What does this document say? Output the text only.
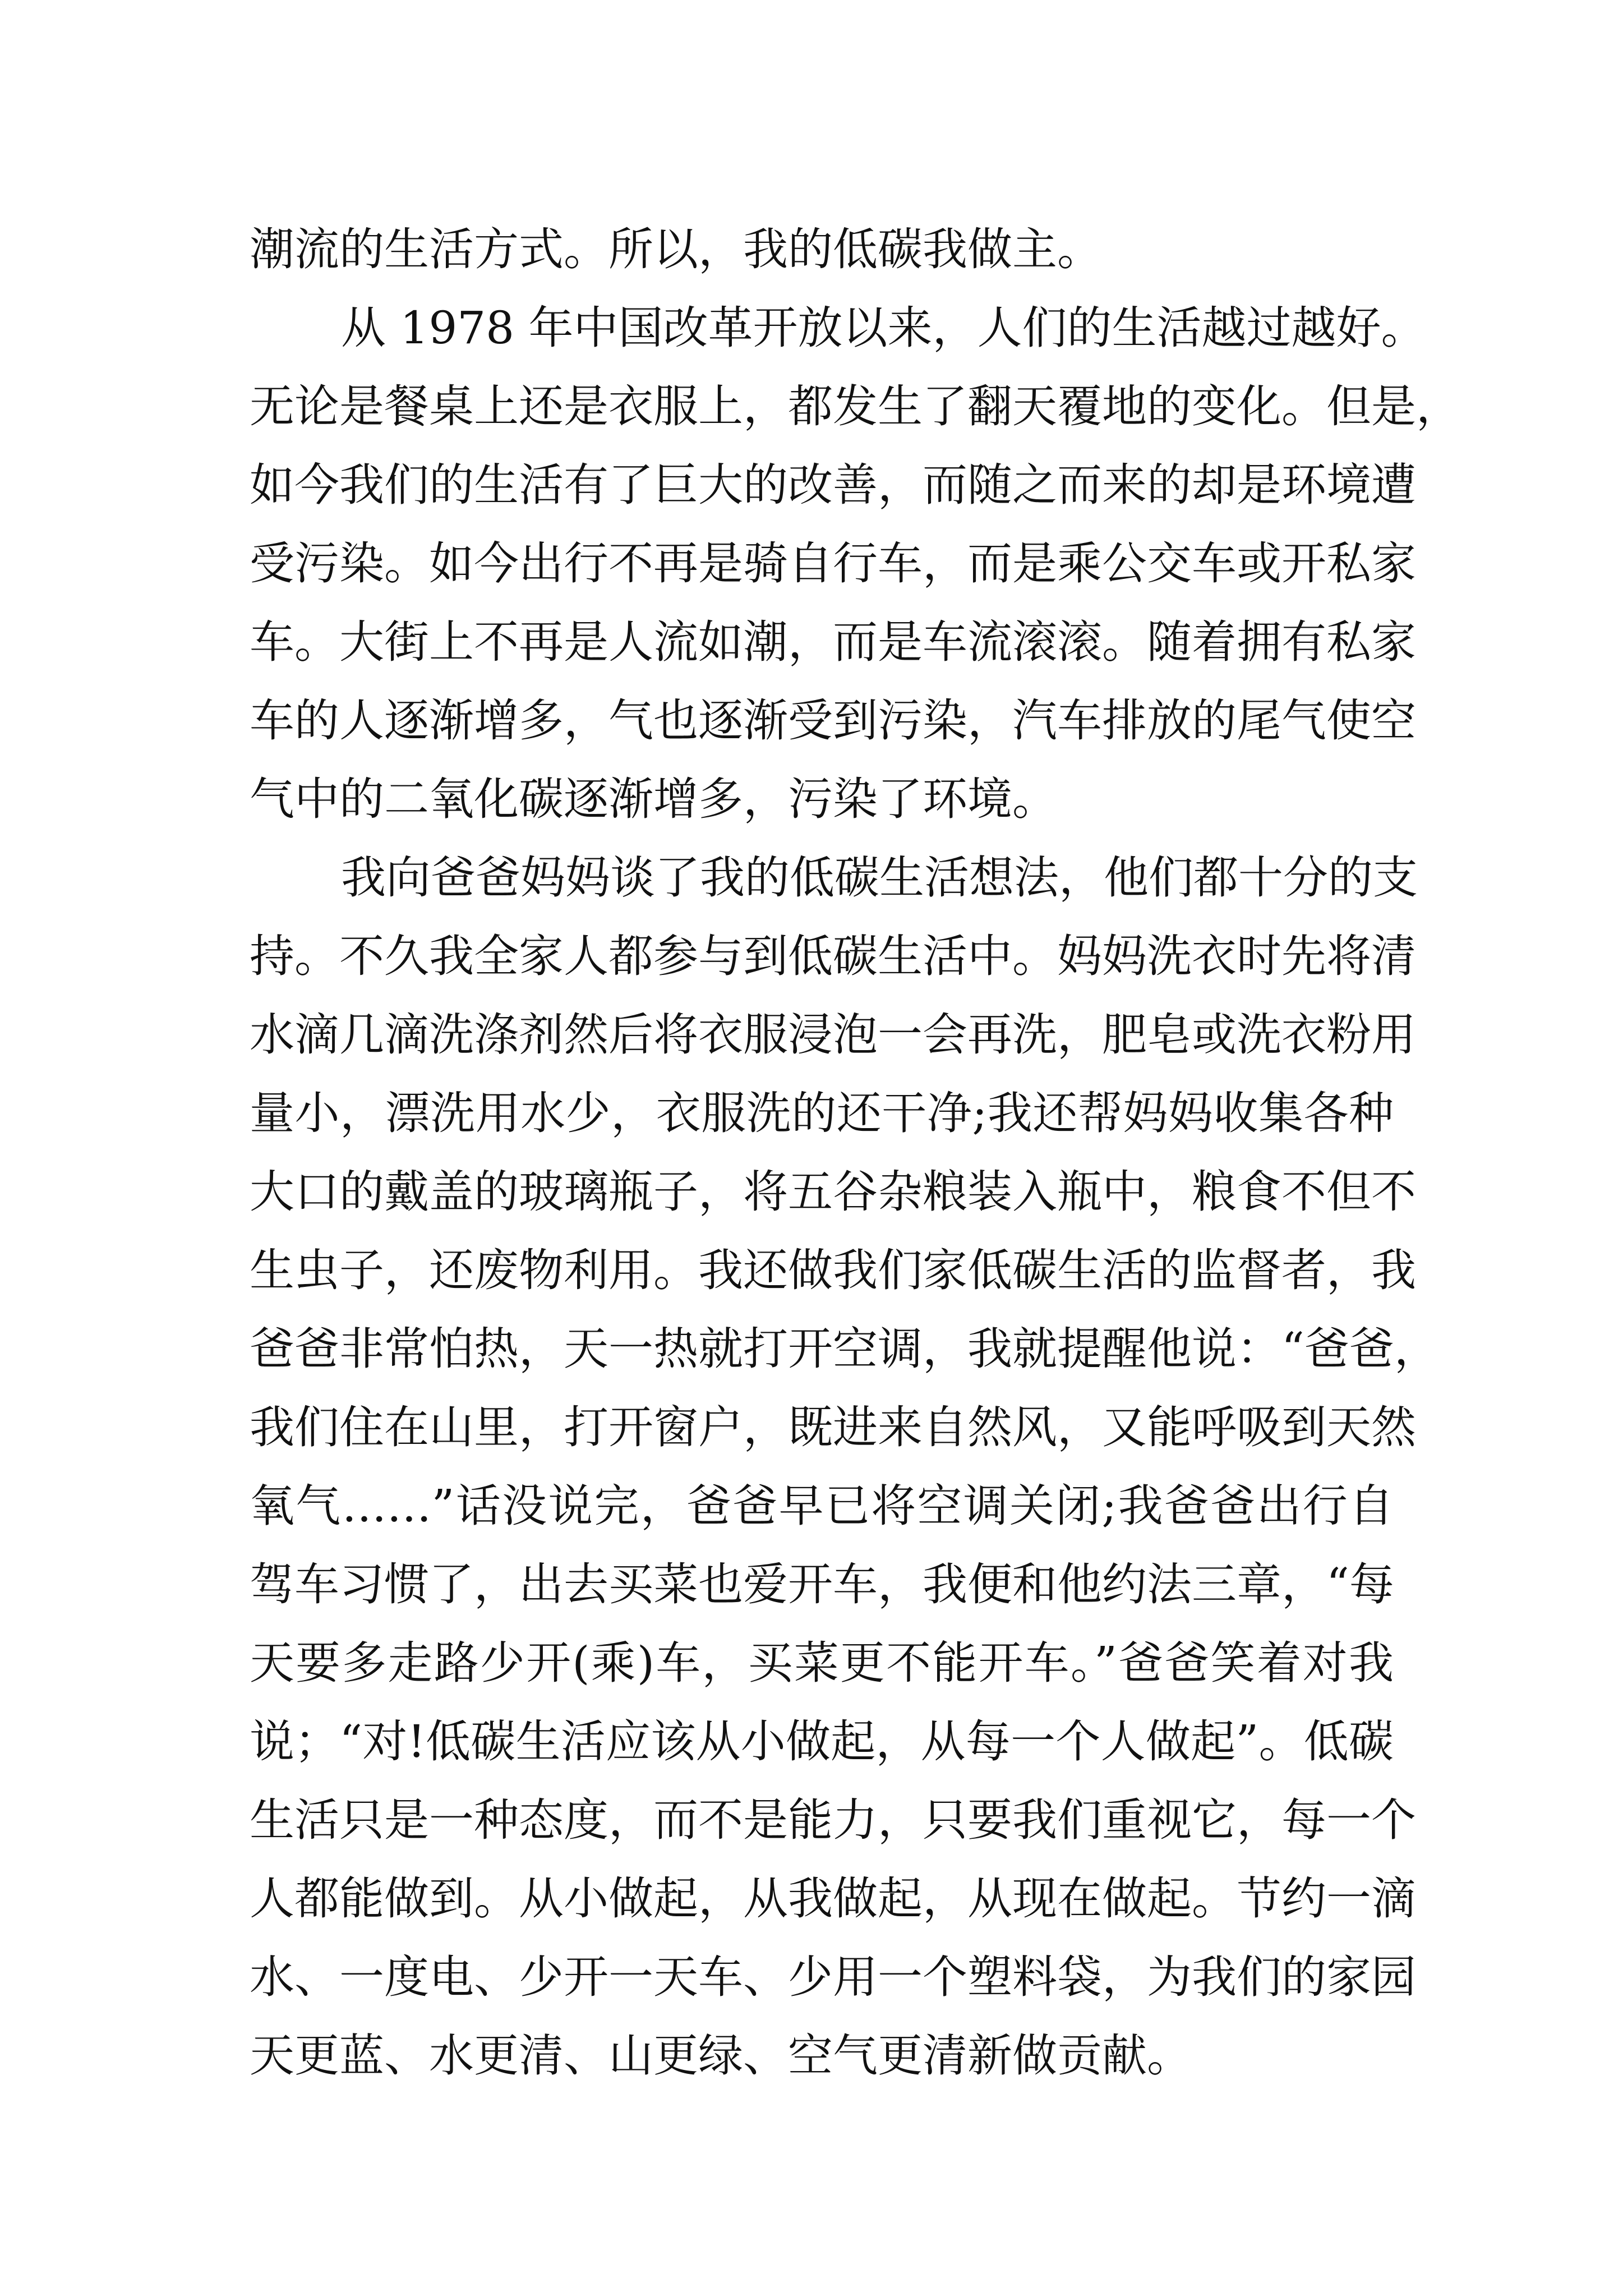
潮流的生活方式。所以，我的低碳我做主。
从 1978 年中国改革开放以来，人们的生活越过越好。
无论是餐桌上还是衣服上，都发生了翻天覆地的变化。但是，
如今我们的生活有了巨大的改善，而随之而来的却是环境遭
受污染。如今出行不再是骑自行车，而是乘公交车或开私家
车。大街上不再是人流如潮，而是车流滚滚。随着拥有私家
车的人逐渐增多，气也逐渐受到污染，汽车排放的尾气使空
气中的二氧化碳逐渐增多，污染了环境。
我向爸爸妈妈谈了我的低碳生活想法，他们都十分的支
持。不久我全家人都参与到低碳生活中。妈妈洗衣时先将清
水滴几滴洗涤剂然后将衣服浸泡一会再洗，肥皂或洗衣粉用
量小，漂洗用水少，衣服洗的还干净;我还帮妈妈收集各种
大口的戴盖的玻璃瓶子，将五谷杂粮装入瓶中，粮食不但不
生虫子，还废物利用。我还做我们家低碳生活的监督者，我
爸爸非常怕热，天一热就打开空调，我就提醒他说：“爸爸，
我们住在山里，打开窗户，既进来自然风，又能呼吸到天然
氧气……”话没说完，爸爸早已将空调关闭;我爸爸出行自
驾车习惯了，出去买菜也爱开车，我便和他约法三章，“每
天要多走路少开(乘)车，买菜更不能开车。”爸爸笑着对我
说；“对!低碳生活应该从小做起，从每一个人做起”。低碳
生活只是一种态度，而不是能力，只要我们重视它，每一个
人都能做到。从小做起，从我做起，从现在做起。节约一滴
水、一度电、少开一天车、少用一个塑料袋，为我们的家园
天更蓝、水更清、山更绿、空气更清新做贡献。
